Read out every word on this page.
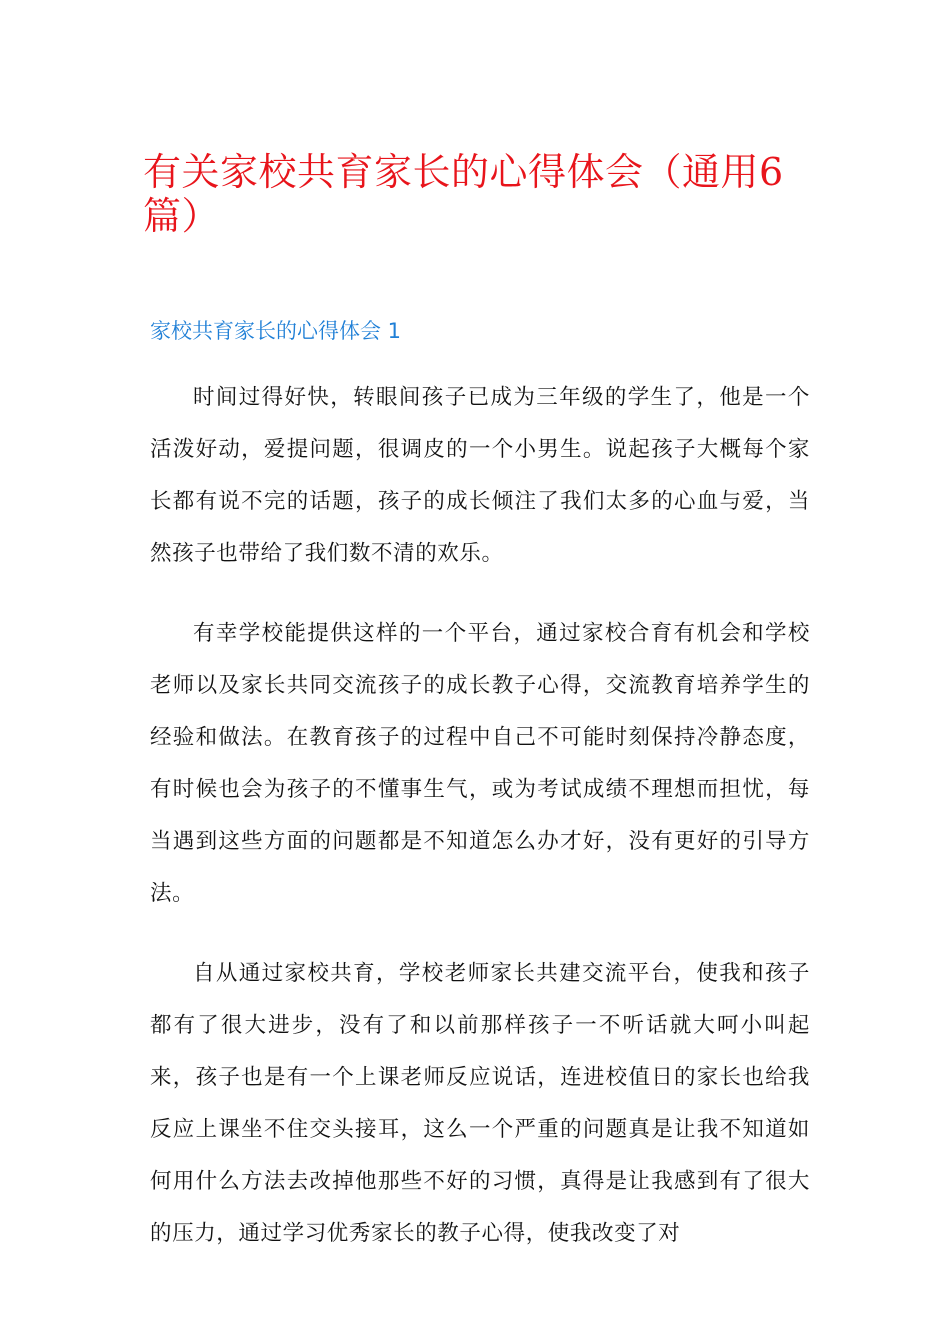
有关家校共育家长的心得体会（通用6篇）
家校共育家长的心得体会 1

时间过得好快，转眼间孩子已成为三年级的学生了，他是一个活泼好动，爱提问题，很调皮的一个小男生。说起孩子大概每个家长都有说不完的话题，孩子的成长倾注了我们太多的心血与爱，当然孩子也带给了我们数不清的欢乐。

有幸学校能提供这样的一个平台，通过家校合育有机会和学校老师以及家长共同交流孩子的成长教子心得，交流教育培养学生的经验和做法。在教育孩子的过程中自己不可能时刻保持冷静态度，有时候也会为孩子的不懂事生气，或为考试成绩不理想而担忧，每当遇到这些方面的问题都是不知道怎么办才好，没有更好的引导方法。

自从通过家校共育，学校老师家长共建交流平台，使我和孩子都有了很大进步，没有了和以前那样孩子一不听话就大呵小叫起来，孩子也是有一个上课老师反应说话，连进校值日的家长也给我反应上课坐不住交头接耳，这么一个严重的问题真是让我不知道如何用什么方法去改掉他那些不好的习惯，真得是让我感到有了很大的压力，通过学习优秀家长的教子心得，使我改变了对
